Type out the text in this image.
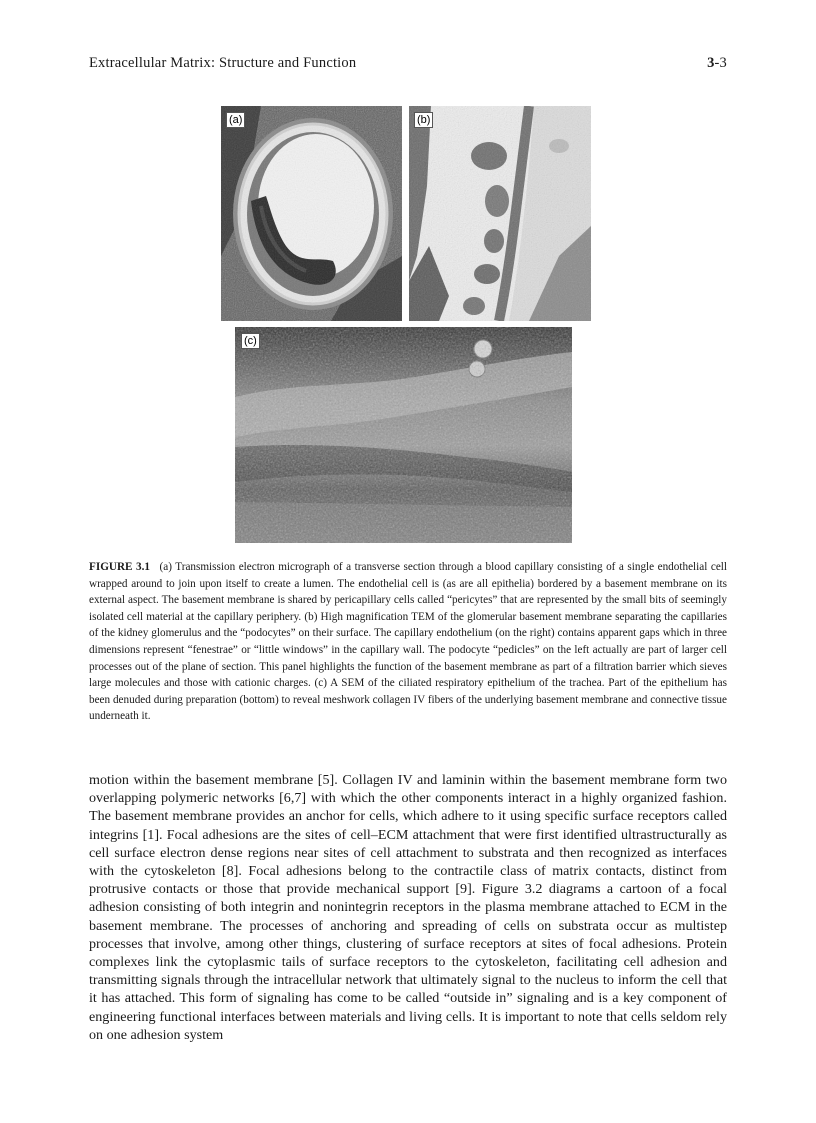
Extracellular Matrix: Structure and Function	3-3
(a)	(b)
(c)
FIGURE 3.1 (a) Transmission electron micrograph of a transverse section through a blood capillary consisting of a single endothelial cell wrapped around to join upon itself to create a lumen. The endothelial cell is (as are all epithelia) bordered by a basement membrane on its external aspect. The basement membrane is shared by pericapillary cells called “pericytes” that are represented by the small bits of seemingly isolated cell material at the capillary periphery. (b) High magnification TEM of the glomerular basement membrane separating the capillaries of the kidney glomerulus and the “podocytes” on their surface. The capillary endothelium (on the right) contains apparent gaps which in three dimensions represent “fenestrae” or “little windows” in the capillary wall. The podocyte “pedicles” on the left actually are part of larger cell processes out of the plane of section. This panel highlights the function of the basement membrane as part of a filtration barrier which sieves large molecules and those with cationic charges. (c) A SEM of the ciliated respiratory epithelium of the trachea. Part of the epithelium has been denuded during preparation (bottom) to reveal meshwork collagen IV fibers of the underlying basement membrane and connective tissue underneath it.
motion within the basement membrane [5]. Collagen IV and laminin within the basement membrane form two overlapping polymeric networks [6,7] with which the other components interact in a highly organized fashion. The basement membrane provides an anchor for cells, which adhere to it using specific surface receptors called integrins [1]. Focal adhesions are the sites of cell–ECM attachment that were first identified ultrastructurally as cell surface electron dense regions near sites of cell attachment to substrata and then recognized as interfaces with the cytoskeleton [8]. Focal adhesions belong to the contractile class of matrix contacts, distinct from protrusive contacts or those that provide mechanical support [9]. Figure 3.2 diagrams a cartoon of a focal adhesion consisting of both integrin and nonintegrin receptors in the plasma membrane attached to ECM in the basement membrane. The processes of anchoring and spreading of cells on substrata occur as multistep processes that involve, among other things, clustering of surface receptors at sites of focal adhesions. Protein complexes link the cytoplasmic tails of surface receptors to the cytoskeleton, facilitating cell adhesion and transmitting signals through the intracellular network that ultimately signal to the nucleus to inform the cell that it has attached. This form of signaling has come to be called “outside in” signaling and is a key component of engineering functional interfaces between materials and living cells. It is important to note that cells seldom rely on one adhesion system
